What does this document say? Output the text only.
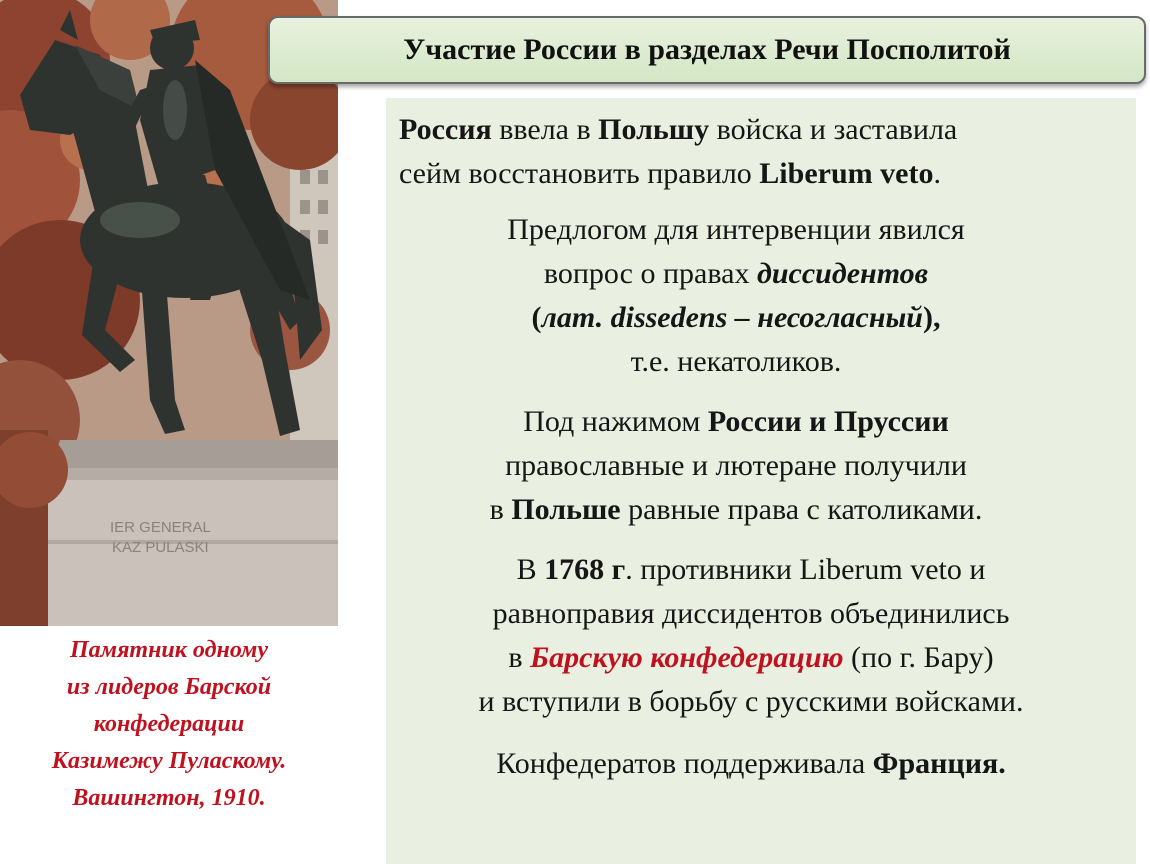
IER GENERAL
KAZ PULASKI
Памятник одному
из лидеров Барской
конфедерации
Казимежу Пуласкому.
Вашингтон, 1910.
Россия ввела в Польшу войска и заставила
сейм восстановить правило Liberum veto.
Предлогом для интервенции явился
вопрос о правах диссидентов
(лат. dissedens – несогласный),
т.е. некатоликов.
Под нажимом России и Пруссии
православные и лютеране получили
в Польше равные права с католиками.
В 1768 г. противники Liberum veto и
равноправия диссидентов объединились
в Барскую конфедерацию (по г. Бару)
и вступили в борьбу с русскими войсками.
Конфедератов поддерживала Франция.
Участие России в разделах Речи Посполитой
